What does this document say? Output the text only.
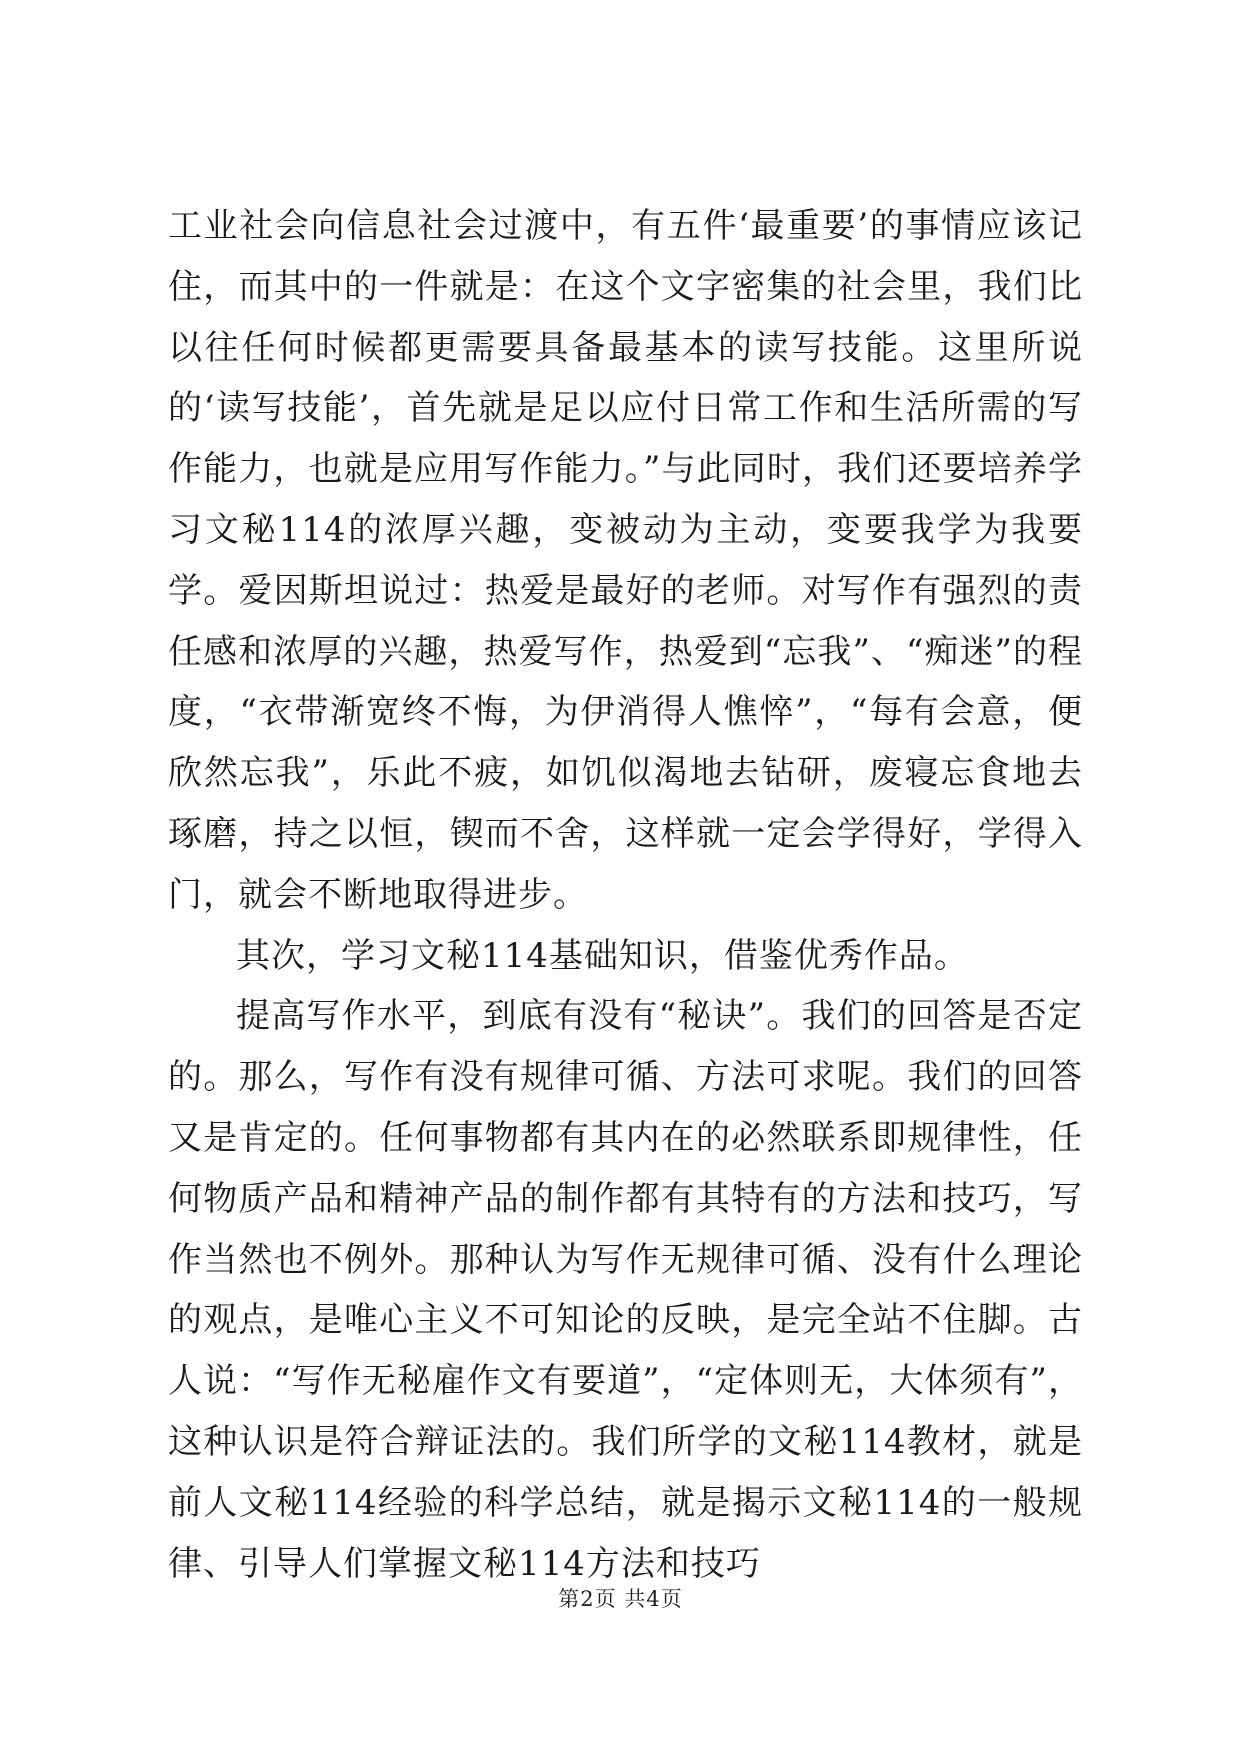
工业社会向信息社会过渡中，有五件‘最重要’的事情应该记住，而其中的一件就是：在这个文字密集的社会里，我们比以往任何时候都更需要具备最基本的读写技能。这里所说的‘读写技能’，首先就是足以应付日常工作和生活所需的写作能力，也就是应用写作能力。”与此同时，我们还要培养学习文秘114的浓厚兴趣，变被动为主动，变要我学为我要学。爱因斯坦说过：热爱是最好的老师。对写作有强烈的责任感和浓厚的兴趣，热爱写作，热爱到“忘我”、“痴迷”的程度，“衣带渐宽终不悔，为伊消得人憔悴”，“每有会意，便欣然忘我”，乐此不疲，如饥似渴地去钻研，废寝忘食地去琢磨，持之以恒，锲而不舍，这样就一定会学得好，学得入门，就会不断地取得进步。

其次，学习文秘114基础知识，借鉴优秀作品。

提高写作水平，到底有没有“秘诀”。我们的回答是否定的。那么，写作有没有规律可循、方法可求呢。我们的回答又是肯定的。任何事物都有其内在的必然联系即规律性，任何物质产品和精神产品的制作都有其特有的方法和技巧，写作当然也不例外。那种认为写作无规律可循、没有什么理论的观点，是唯心主义不可知论的反映，是完全站不住脚。古人说：“写作无秘雇作文有要道”，“定体则无，大体须有”，这种认识是符合辩证法的。我们所学的文秘114教材，就是前人文秘114经验的科学总结，就是揭示文秘114的一般规律、引导人们掌握文秘114方法和技巧

第2页 共4页
